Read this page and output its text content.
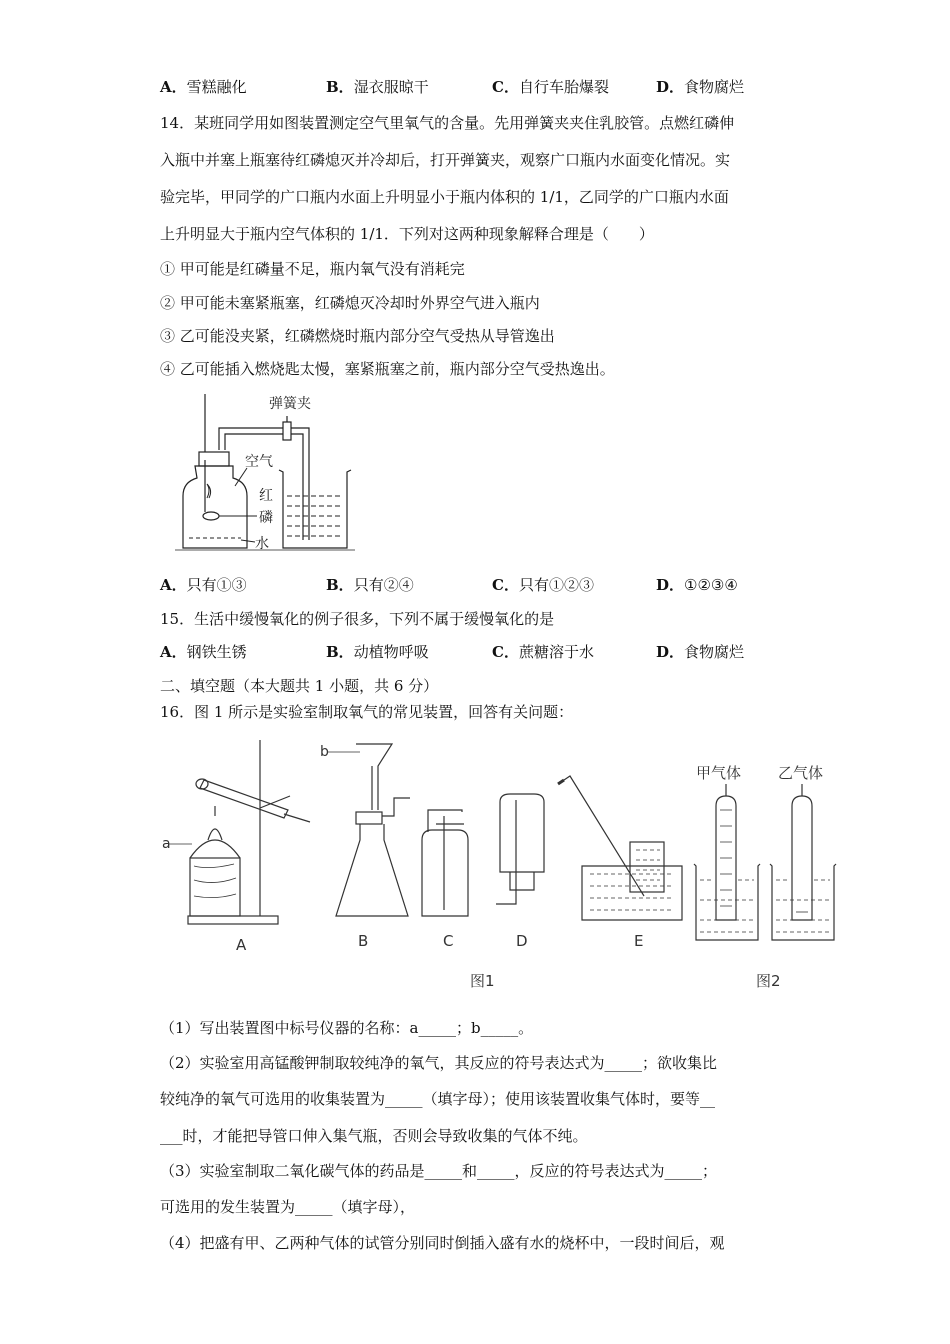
A．雪糕融化	B．湿衣服晾干	C．自行车胎爆裂	D．食物腐烂
14．某班同学用如图装置测定空气里氧气的含量。先用弹簧夹夹住乳胶管。点燃红磷伸
入瓶中并塞上瓶塞待红磷熄灭并冷却后，打开弹簧夹，观察广口瓶内水面变化情况。实
验完毕，甲同学的广口瓶内水面上升明显小于瓶内体积的 1/1，乙同学的广口瓶内水面
上升明显大于瓶内空气体积的 1/1．下列对这两种现象解释合理是（　　）
① 甲可能是红磷量不足，瓶内氧气没有消耗完
② 甲可能未塞紧瓶塞，红磷熄灭冷却时外界空气进入瓶内
③ 乙可能没夹紧，红磷燃烧时瓶内部分空气受热从导管逸出
④ 乙可能插入燃烧匙太慢，塞紧瓶塞之前，瓶内部分空气受热逸出。
弹簧夹
空气
红
磷
水
A．只有①③	B．只有②④	C．只有①②③	D．①②③④
15．生活中缓慢氧化的例子很多，下列不属于缓慢氧化的是
A．钢铁生锈	B．动植物呼吸	C．蔗糖溶于水	D．食物腐烂
二、填空题（本大题共 1 小题，共 6 分）
16．图 1 所示是实验室制取氧气的常见装置，回答有关问题：
a
A
b
B	C	D	E
甲气体 乙气体
图1	图2
（1）写出装置图中标号仪器的名称：a_____；b_____。
（2）实验室用高锰酸钾制取较纯净的氧气，其反应的符号表达式为_____；欲收集比
较纯净的氧气可选用的收集装置为_____（填字母）；使用该装置收集气体时，要等__
___时，才能把导管口伸入集气瓶，否则会导致收集的气体不纯。
（3）实验室制取二氧化碳气体的药品是_____和_____，反应的符号表达式为_____；
可选用的发生装置为_____（填字母），
（4）把盛有甲、乙两种气体的试管分别同时倒插入盛有水的烧杯中，一段时间后，观
